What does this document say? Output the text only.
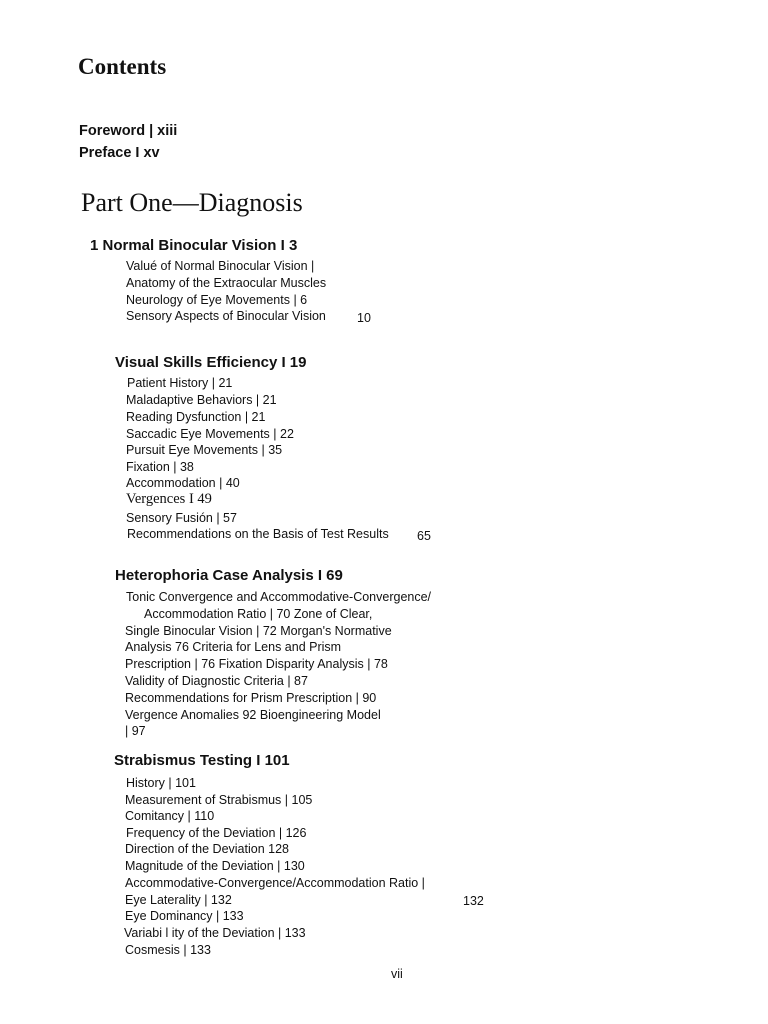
Contents
Foreword | xiii
Preface I xv
Part One—Diagnosis
1 Normal Binocular Vision I 3
Valué of Normal Binocular Vision |
Anatomy of the Extraocular Muscles
Neurology of Eye Movements | 6
Sensory Aspects of Binocular Vision 10
Visual Skills Efficiency I 19
Patient History | 21
Maladaptive Behaviors | 21
Reading Dysfunction | 21
Saccadic Eye Movements | 22
Pursuit Eye Movements | 35
Fixation | 38
Accommodation | 40
Vergences I 49
Sensory Fusión | 57
Recommendations on the Basis of Test Results 65
Heterophoria Case Analysis I 69
Tonic Convergence and Accommodative-Convergence/
Accommodation Ratio | 70 Zone of Clear,
Single Binocular Vision | 72 Morgan's Normative
Analysis 76 Criteria for Lens and Prism
Prescription | 76 Fixation Disparity Analysis | 78
Validity of Diagnostic Criteria | 87
Recommendations for Prism Prescription | 90
Vergence Anomalies 92 Bioengineering Model
| 97
Strabismus Testing I 101
History | 101
Measurement of Strabismus | 105
Comitancy | 110
Frequency of the Deviation | 126
Direction of the Deviation 128
Magnitude of the Deviation | 130
Accommodative-Convergence/Accommodation Ratio |
Eye Laterality | 132	132
Eye Dominancy | 133
Variabi l ity of the Deviation | 133
Cosmesis | 133
vii
